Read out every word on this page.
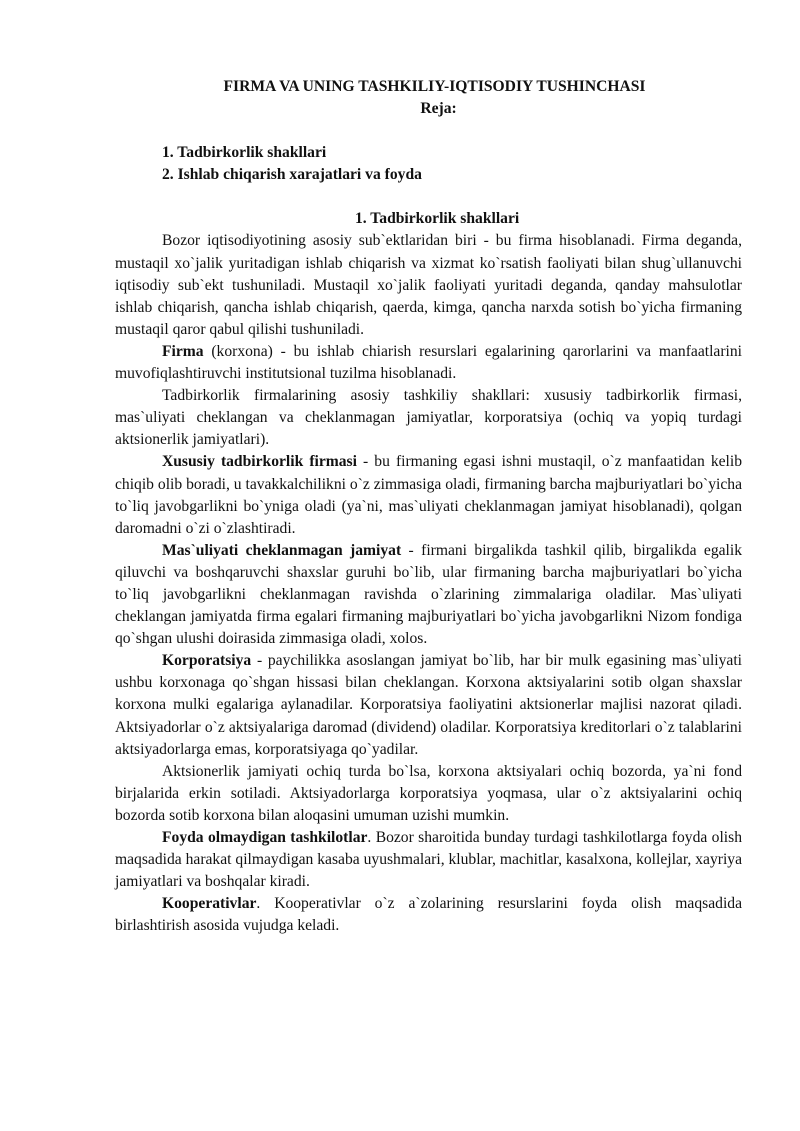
FIRMA VA UNING TASHKILIY-IQTISODIY TUSHINCHASI
Reja:
1. Tadbirkorlik shakllari
2. Ishlab chiqarish xarajatlari va foyda
1. Tadbirkorlik shakllari

Bozor iqtisodiyotining asosiy sub`ektlaridan biri - bu firma hisoblanadi. Firma deganda, mustaqil xo`jalik yuritadigan ishlab chiqarish va xizmat ko`rsatish faoliyati bilan shug`ullanuvchi iqtisodiy sub`ekt tushuniladi. Mustaqil xo`jalik faoliyati yuritadi deganda, qanday mahsulotlar ishlab chiqarish, qancha ishlab chiqarish, qaerda, kimga, qancha narxda sotish bo`yicha firmaning mustaqil qaror qabul qilishi tushuniladi.

Firma (korxona) - bu ishlab chiarish resurslari egalarining qarorlarini va manfaatlarini muvofiqlashtiruvchi institutsional tuzilma hisoblanadi.

Tadbirkorlik firmalarining asosiy tashkiliy shakllari: xususiy tadbirkorlik firmasi, mas`uliyati cheklangan va cheklanmagan jamiyatlar, korporatsiya (ochiq va yopiq turdagi aktsionerlik jamiyatlari).

Xususiy tadbirkorlik firmasi - bu firmaning egasi ishni mustaqil, o`z manfaatidan kelib chiqib olib boradi, u tavakkalchilikni o`z zimmasiga oladi, firmaning barcha majburiyatlari bo`yicha to`liq javobgarlikni bo`yniga oladi (ya`ni, mas`uliyati cheklanmagan jamiyat hisoblanadi), qolgan daromadni o`zi o`zlashtiradi.

Mas`uliyati cheklanmagan jamiyat - firmani birgalikda tashkil qilib, birgalikda egalik qiluvchi va boshqaruvchi shaxslar guruhi bo`lib, ular firmaning barcha majburiyatlari bo`yicha to`liq javobgarlikni cheklanmagan ravishda o`zlarining zimmalariga oladilar. Mas`uliyati cheklangan jamiyatda firma egalari firmaning majburiyatlari bo`yicha javobgarlikni Nizom fondiga qo`shgan ulushi doirasida zimmasiga oladi, xolos.

Korporatsiya - paychilikka asoslangan jamiyat bo`lib, har bir mulk egasining mas`uliyati ushbu korxonaga qo`shgan hissasi bilan cheklangan. Korxona aktsiyalarini sotib olgan shaxslar korxona mulki egalariga aylanadilar. Korporatsiya faoliyatini aktsionerlar majlisi nazorat qiladi. Aktsiyadorlar o`z aktsiyalariga daromad (dividend) oladilar. Korporatsiya kreditorlari o`z talablarini aktsiyadorlarga emas, korporatsiyaga qo`yadilar.

Aktsionerlik jamiyati ochiq turda bo`lsa, korxona aktsiyalari ochiq bozorda, ya`ni fond birjalarida erkin sotiladi. Aktsiyadorlarga korporatsiya yoqmasa, ular o`z aktsiyalarini ochiq bozorda sotib korxona bilan aloqasini umuman uzishi mumkin.

Foyda olmaydigan tashkilotlar. Bozor sharoitida bunday turdagi tashkilotlarga foyda olish maqsadida harakat qilmaydigan kasaba uyushmalari, klublar, machitlar, kasalxona, kollejlar, xayriya jamiyatlari va boshqalar kiradi.

Kooperativlar. Kooperativlar o`z a`zolarining resurslarini foyda olish maqsadida birlashtirish asosida vujudga keladi.
